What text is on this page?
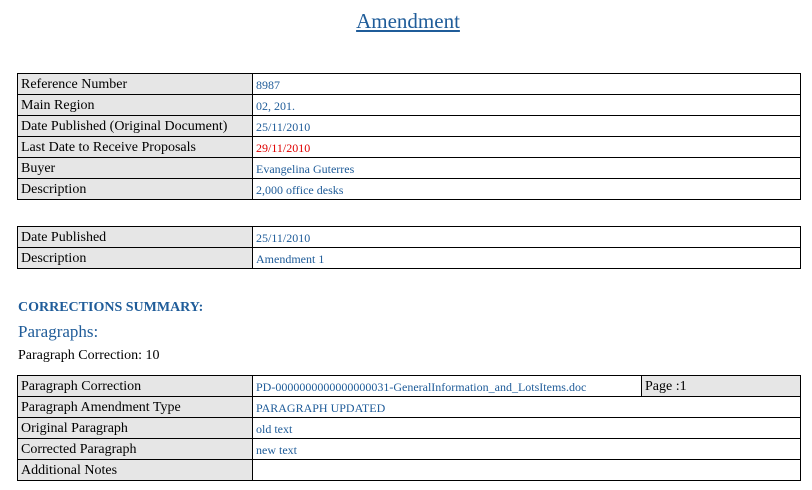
Amendment
Reference Number	8987
Main Region	02, 201.
Date Published (Original Document)	25/11/2010
Last Date to Receive Proposals	29/11/2010
Buyer	Evangelina Guterres
Description	2,000 office desks
Date Published	25/11/2010
Description	Amendment 1
CORRECTIONS SUMMARY:
Paragraphs:
Paragraph Correction: 10
Paragraph Correction	PD-0000000000000000031-GeneralInformation_and_LotsItems.doc	Page :1
Paragraph Amendment Type	PARAGRAPH UPDATED	
Original Paragraph	old text	
Corrected Paragraph	new text	
Additional Notes		
